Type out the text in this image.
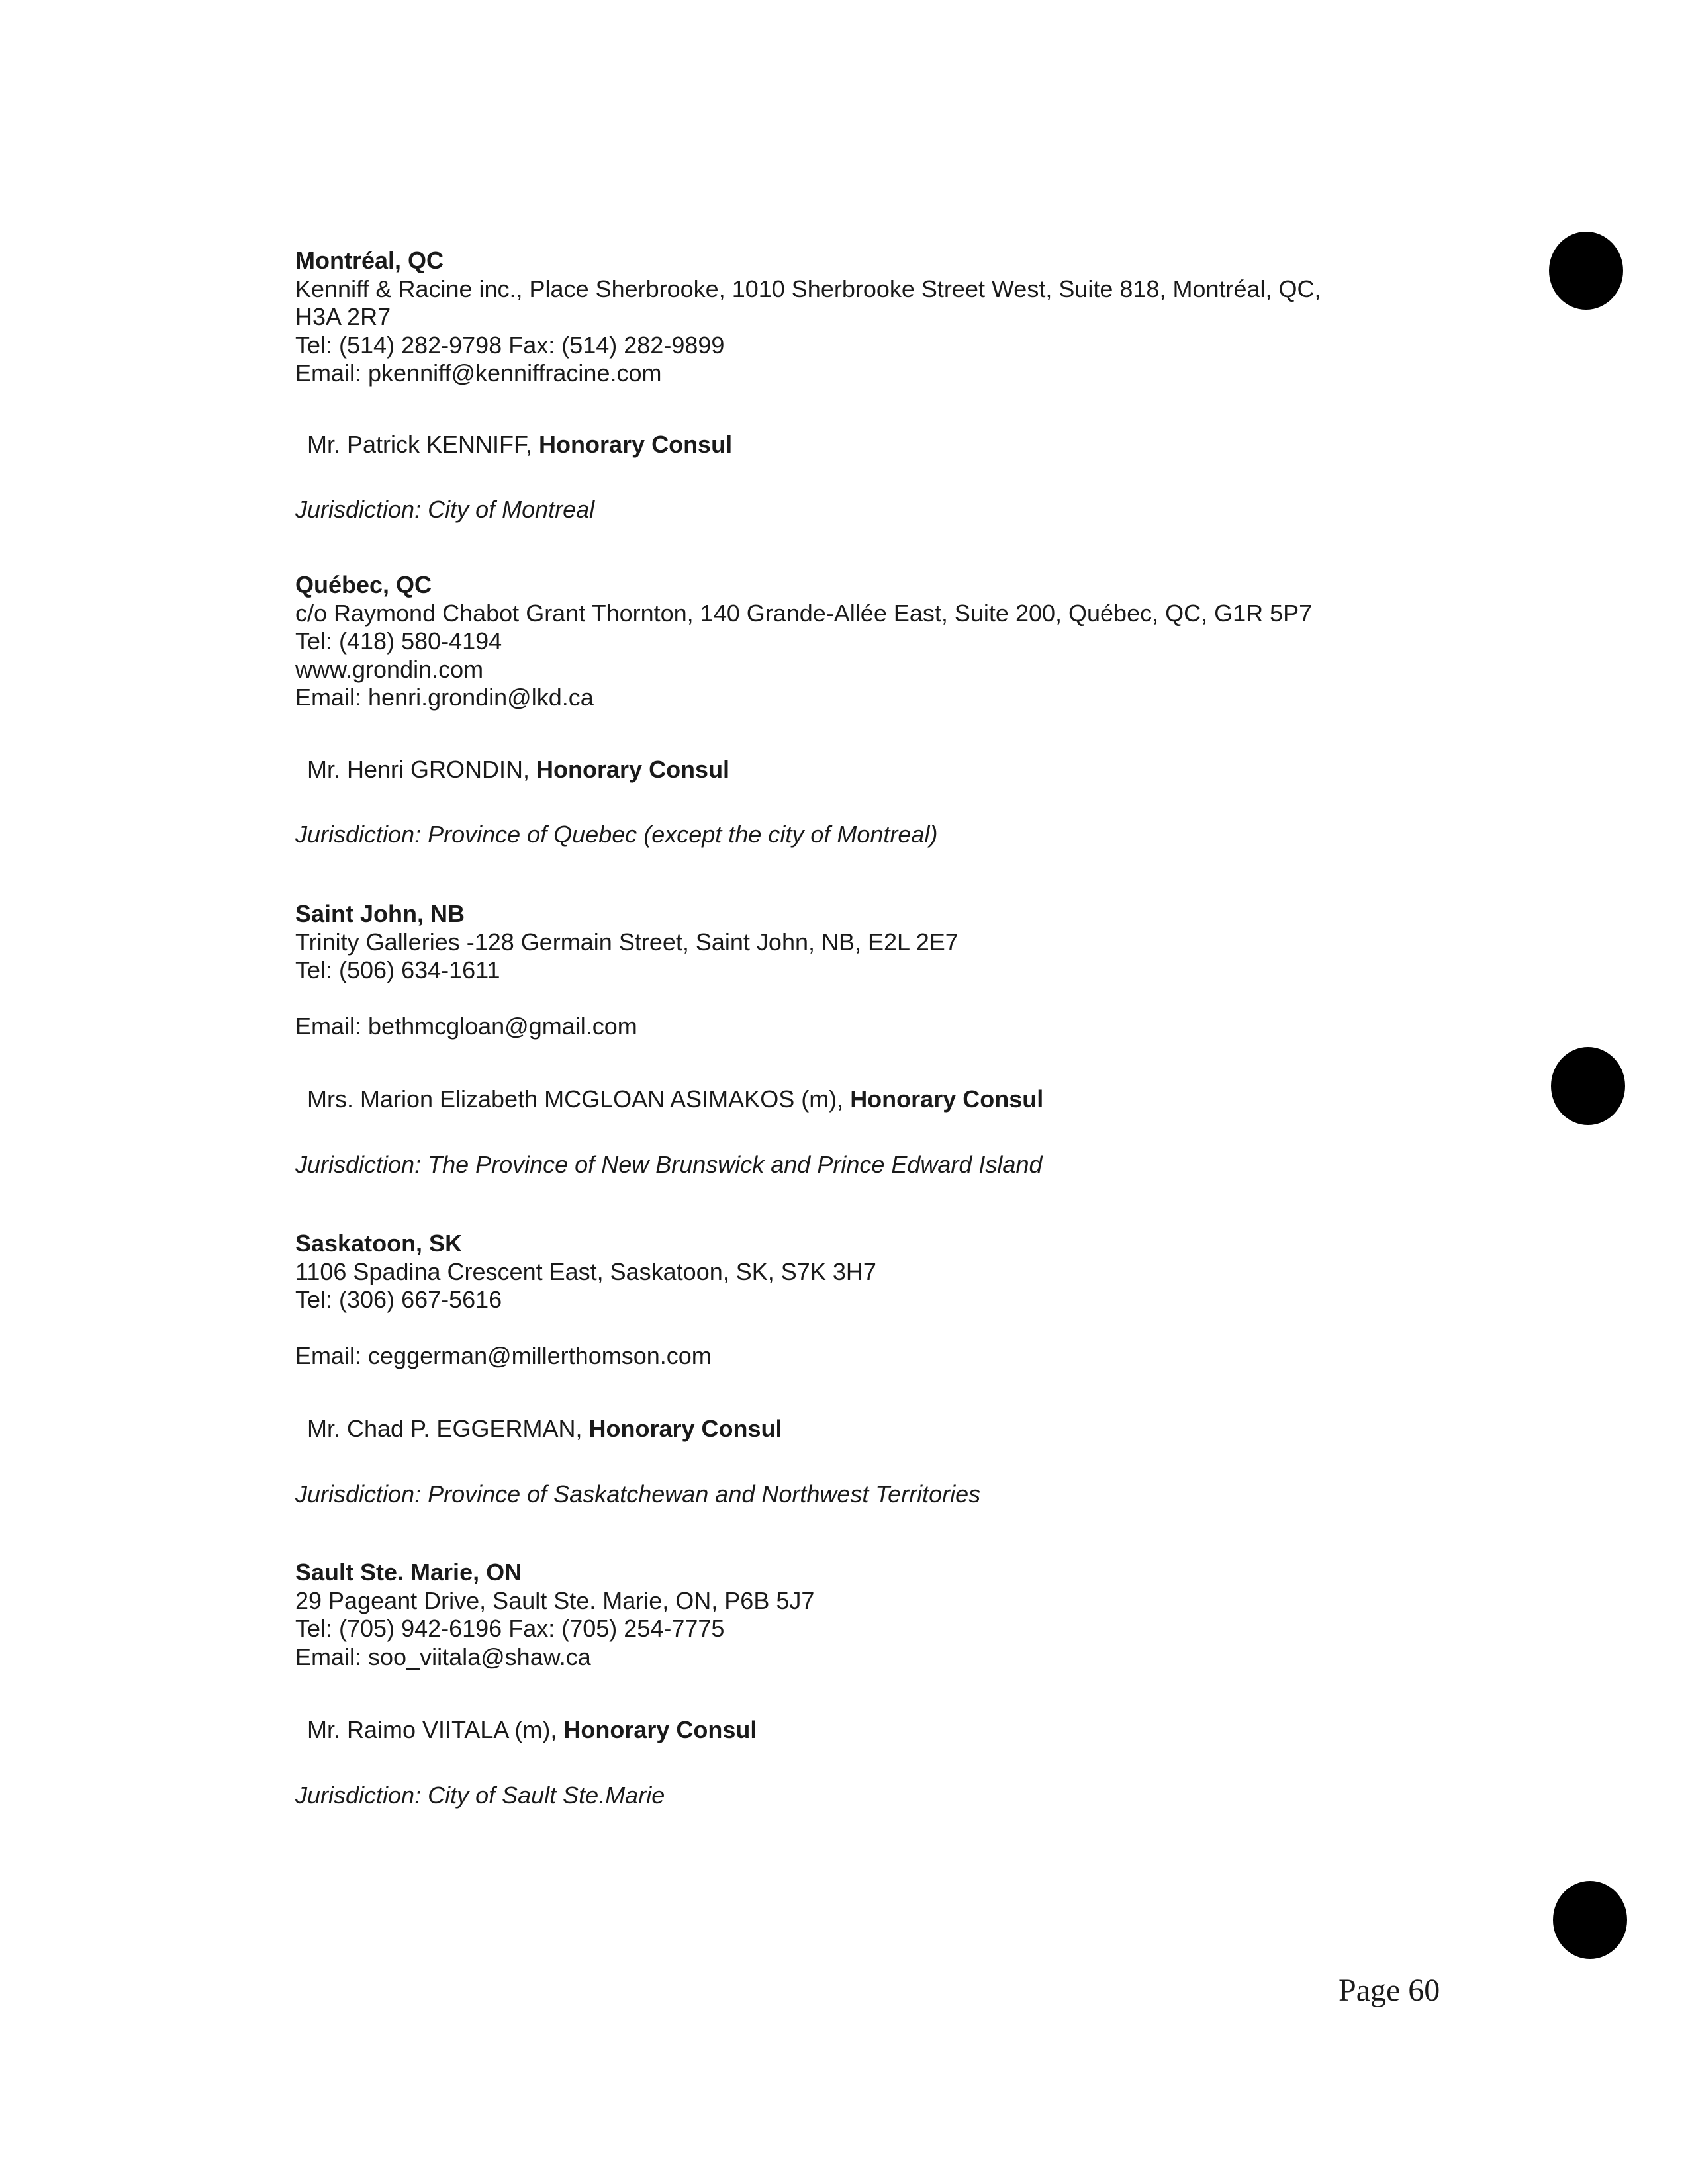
Montréal, QC
Kenniff & Racine inc., Place Sherbrooke, 1010 Sherbrooke Street West, Suite 818, Montréal, QC,
H3A 2R7
Tel: (514) 282-9798 Fax: (514) 282-9899
Email: pkenniff@kenniffracine.com
Mr. Patrick KENNIFF, Honorary Consul
Jurisdiction: City of Montreal
Québec, QC
c/o Raymond Chabot Grant Thornton, 140 Grande-Allée East, Suite 200, Québec, QC, G1R 5P7
Tel: (418) 580-4194
www.grondin.com
Email: henri.grondin@lkd.ca
Mr. Henri GRONDIN, Honorary Consul
Jurisdiction: Province of Quebec (except the city of Montreal)
Saint John, NB
Trinity Galleries -128 Germain Street, Saint John, NB, E2L 2E7
Tel: (506) 634-1611
Email: bethmcgloan@gmail.com
Mrs. Marion Elizabeth MCGLOAN ASIMAKOS (m), Honorary Consul
Jurisdiction: The Province of New Brunswick and Prince Edward Island
Saskatoon, SK
1106 Spadina Crescent East, Saskatoon, SK, S7K 3H7
Tel: (306) 667-5616
Email: ceggerman@millerthomson.com
Mr. Chad P. EGGERMAN, Honorary Consul
Jurisdiction: Province of Saskatchewan and Northwest Territories
Sault Ste. Marie, ON
29 Pageant Drive, Sault Ste. Marie, ON, P6B 5J7
Tel: (705) 942-6196 Fax: (705) 254-7775
Email: soo_viitala@shaw.ca
Mr. Raimo VIITALA (m), Honorary Consul
Jurisdiction: City of Sault Ste.Marie
Page 60
